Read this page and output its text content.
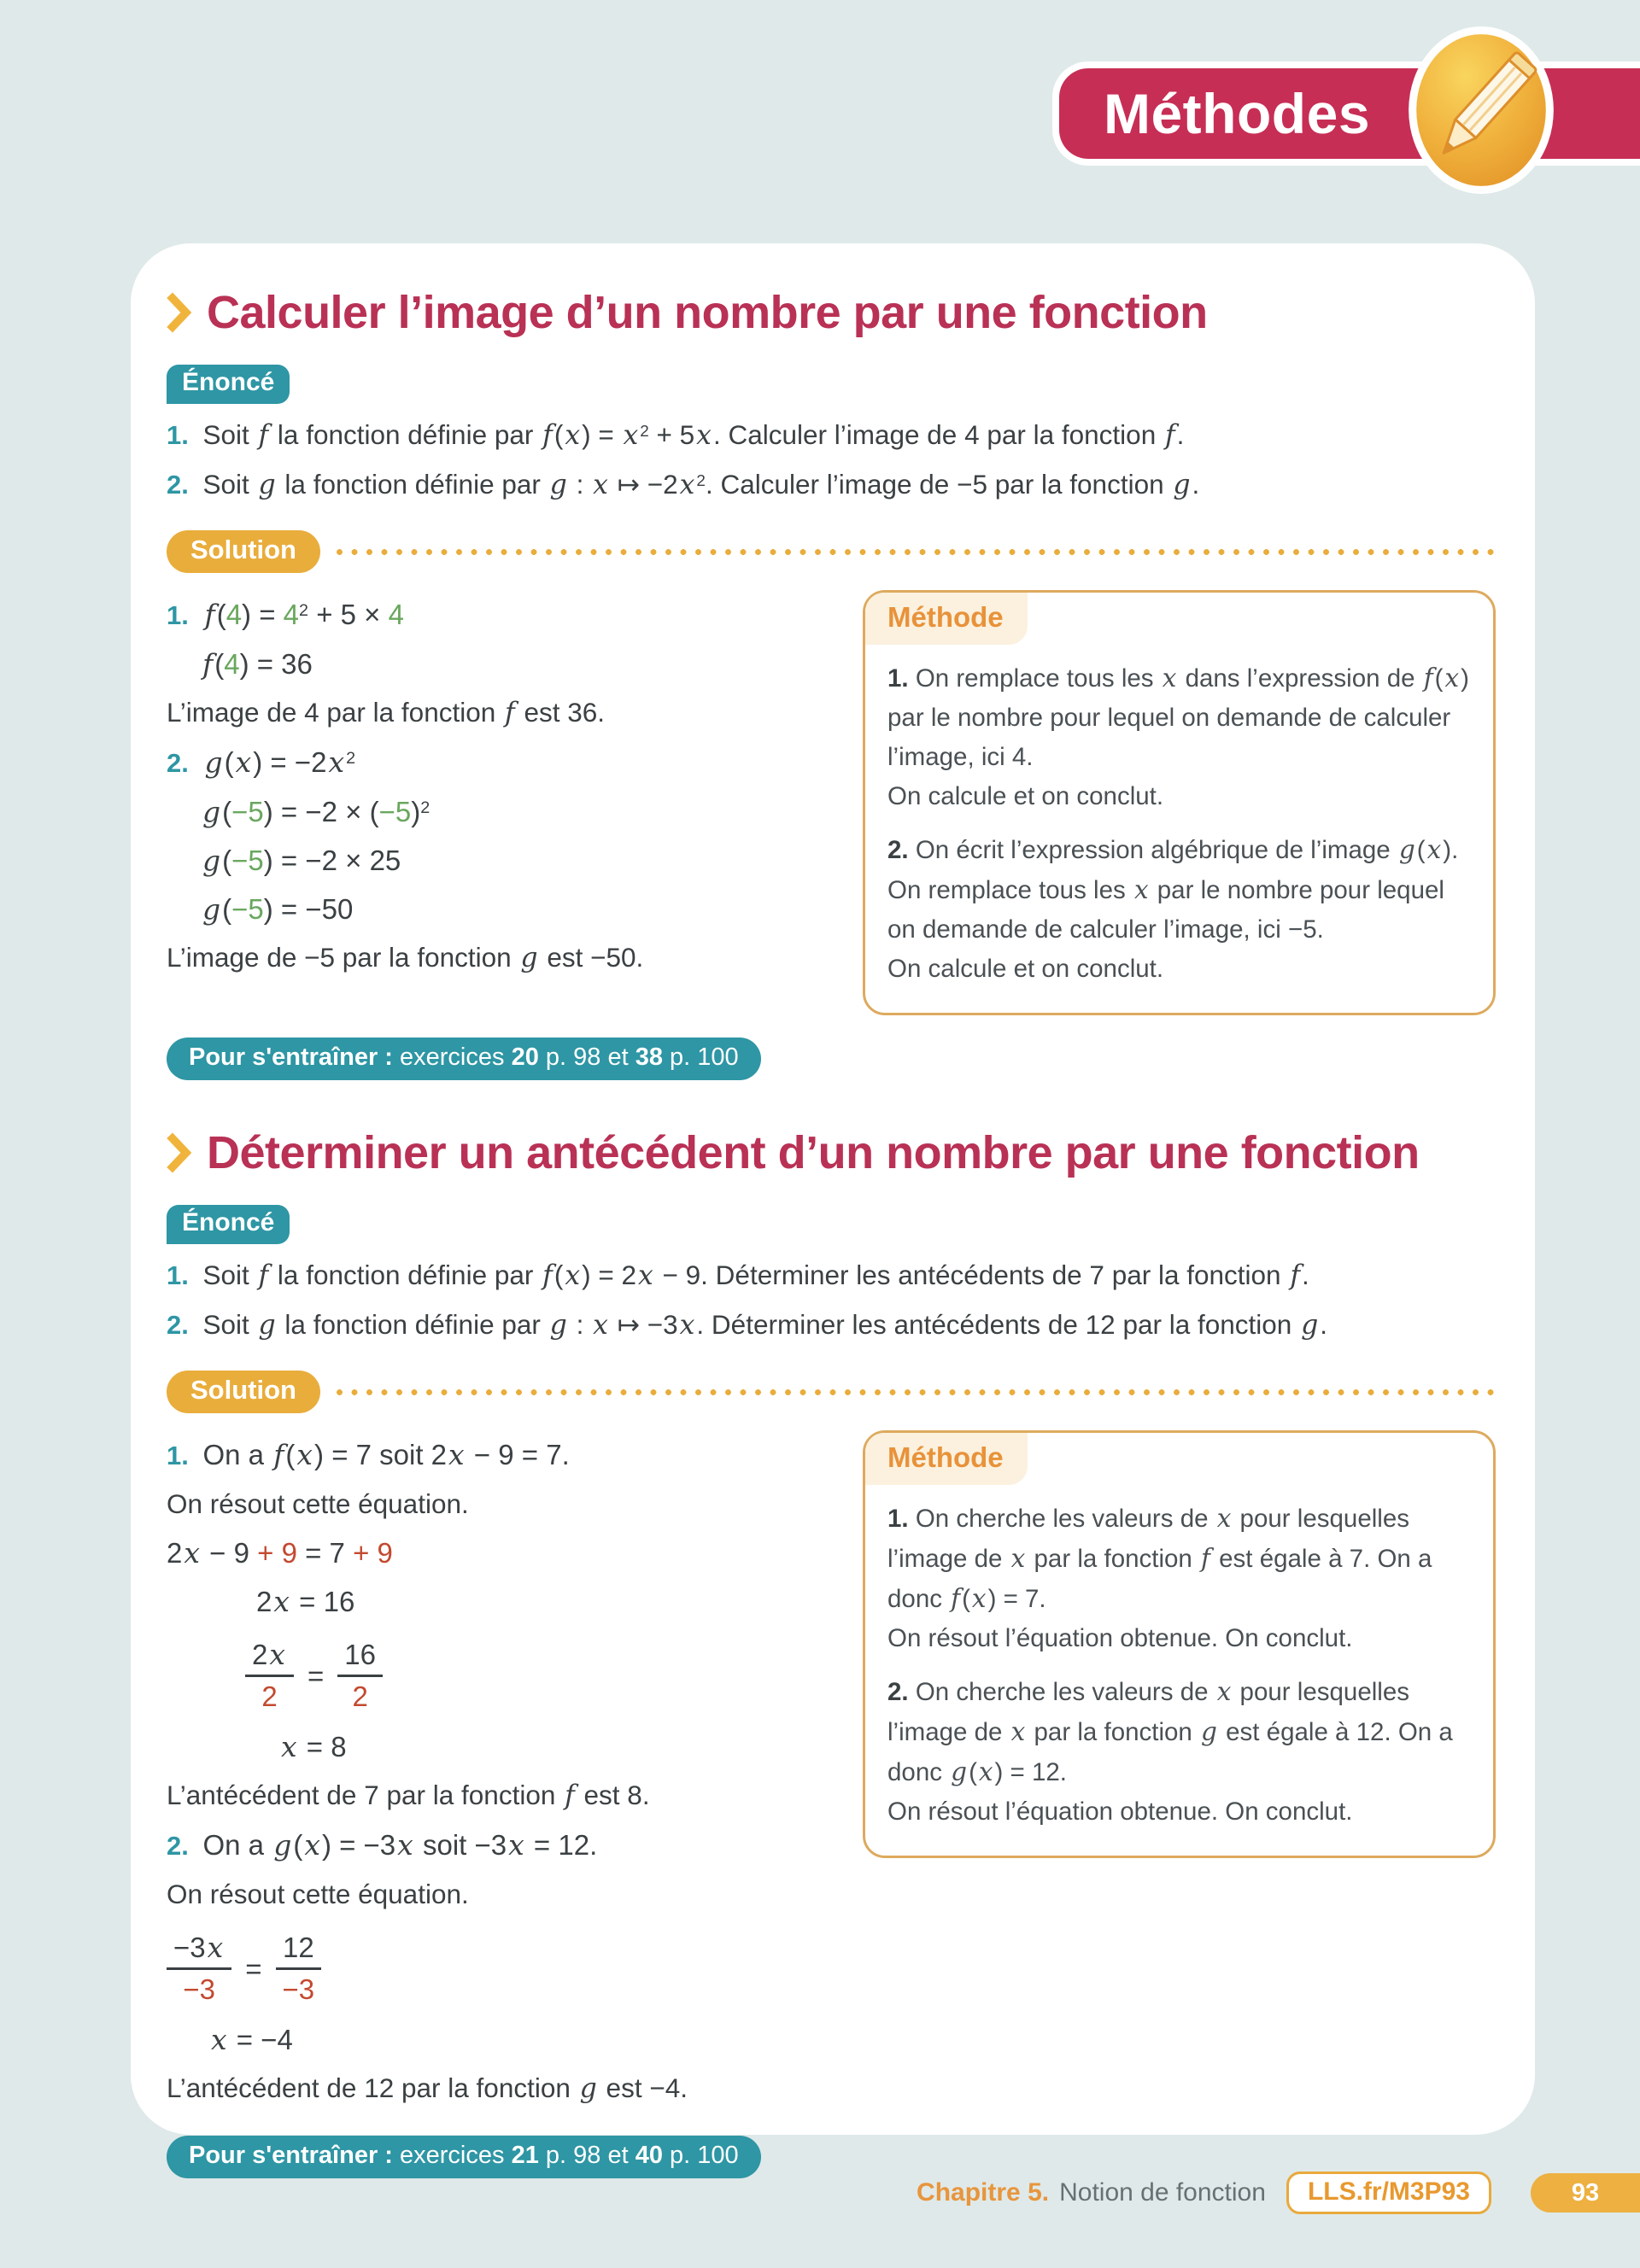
Méthodes
Calculer l’image d’un nombre par une fonction
Énoncé
1. Soit f la fonction définie par f(x) = x $^2$ + 5x. Calculer l’image de 4 par la fonction f.
2. Soit g la fonction définie par g : x ↦ −2x $^2$. Calculer l’image de −5 par la fonction g.
Solution
1. $f(4) = 4^2 + 5 \times 4$
f(4) = 36
L’image de 4 par la fonction f est 36.
2. g(x) = −2x $^2$
$g(-5) = -2 \times (-5)^2$
g(−5) = −2 × 25
g(−5) = −50
L’image de −5 par la fonction g est −50.
Méthode
1. On remplace tous les x dans l’expression de f(x) par le nombre pour lequel on demande de calculer l’image, ici 4.
On calcule et on conclut.
2. On écrit l’expression algébrique de l’image g(x). On remplace tous les x par le nombre pour lequel on demande de calculer l’image, ici −5.
On calcule et on conclut.
Pour s'entraîner : exercices 20 p. 98 et 38 p. 100
Déterminer un antécédent d’un nombre par une fonction
Énoncé
1. Soit f la fonction définie par f(x) = 2x − 9. Déterminer les antécédents de 7 par la fonction f.
2. Soit g la fonction définie par g : x ↦ −3x. Déterminer les antécédents de 12 par la fonction g.
Solution
1. On a f(x) = 7 soit 2x − 9 = 7.
On résout cette équation.
2x − 9 + 9 = 7 + 9
2x = 16
$\frac{2x}{2} = \frac{16}{2}$
x = 8
L’antécédent de 7 par la fonction f est 8.
2. On a g(x) = −3x soit −3x = 12.
On résout cette équation.
$\frac{-3x}{-3} = \frac{12}{-3}$
x = −4
L’antécédent de 12 par la fonction g est −4.
Méthode
1. On cherche les valeurs de x pour lesquelles l’image de x par la fonction f est égale à 7. On a donc f(x) = 7.
On résout l’équation obtenue. On conclut.
2. On cherche les valeurs de x pour lesquelles l’image de x par la fonction g est égale à 12. On a donc g(x) = 12.
On résout l’équation obtenue. On conclut.
Pour s'entraîner : exercices 21 p. 98 et 40 p. 100
Chapitre 5. Notion de fonction	LLS.fr/M3P93	93
